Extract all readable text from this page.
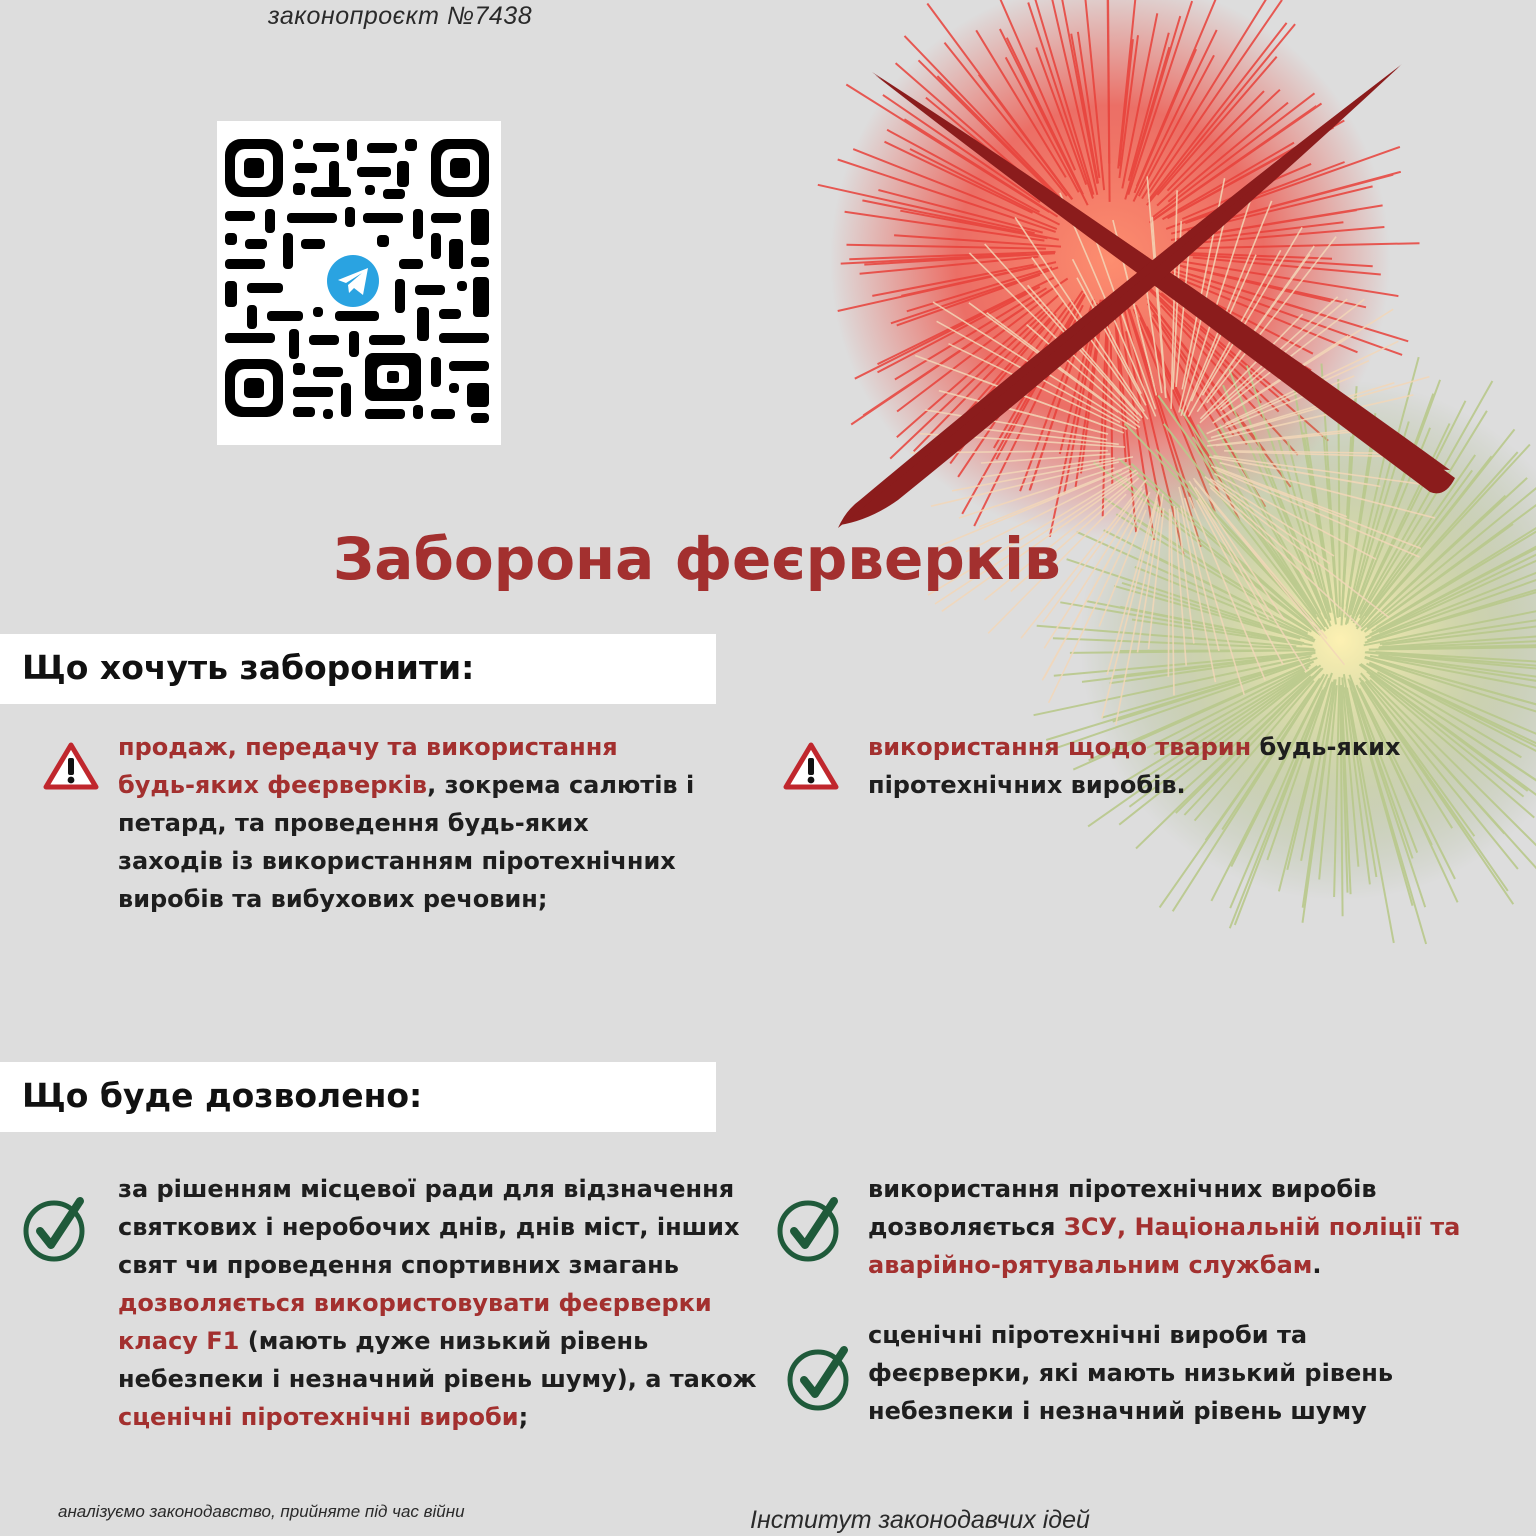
законопроєкт №7438
Заборона феєрверків
Що хочуть заборонити:
продаж, передачу та використання будь-яких феєрверків, зокрема салютів і петард, та проведення будь-яких заходів із використанням піротехнічних виробів та вибухових речовин;
використання щодо тварин будь-яких піротехнічних виробів.
Що буде дозволено:
за рішенням місцевої ради для відзначення святкових і неробочих днів, днів міст, інших свят чи проведення спортивних змагань дозволяється використовувати феєрверки класу F1 (мають дуже низький рівень небезпеки і незначний рівень шуму), а також сценічні піротехнічні вироби;
використання піротехнічних виробів дозволяється ЗСУ, Національній поліції та аварійно-рятувальним службам.
сценічні піротехнічні вироби та феєрверки, які мають низький рівень небезпеки і незначний рівень шуму
аналізуємо законодавство, прийняте під час війни	Інститут законодавчих ідей
